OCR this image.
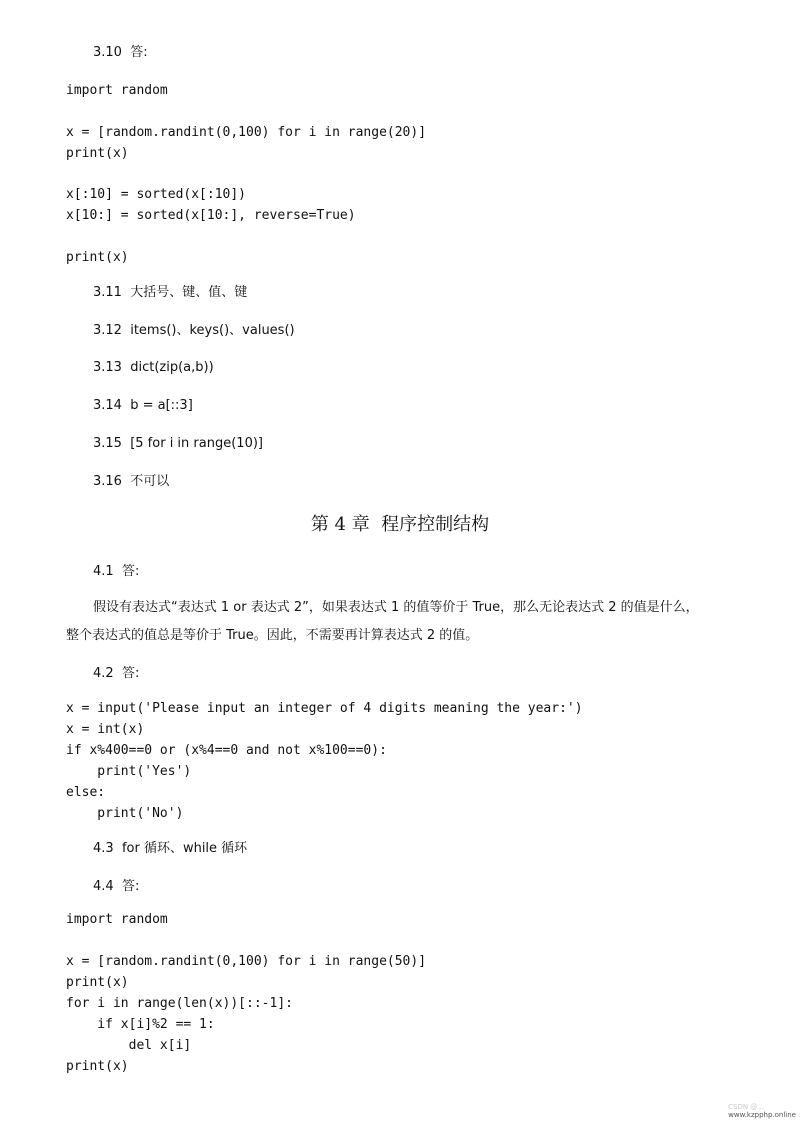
3.10  答:

import random

x = [random.randint(0,100) for i in range(20)]

print(x)

x[:10] = sorted(x[:10])

x[10:] = sorted(x[10:], reverse=True)

print(x)

3.11  大括号、键、值、键

3.12  items()、keys()、values()

3.13  dict(zip(a,b))

3.14  b = a[::3]

3.15  [5 for i in range(10)]

3.16  不可以

第 4 章  程序控制结构

4.1  答:

假设有表达式“表达式 1 or 表达式 2”，如果表达式 1 的值等价于 True，那么无论表达式 2 的值是什么，

整个表达式的值总是等价于 True。因此，不需要再计算表达式 2 的值。

4.2  答:

x = input('Please input an integer of 4 digits meaning the year:')

x = int(x)

if x%400==0 or (x%4==0 and not x%100==0):

print('Yes')

else:

print('No')

4.3  for 循环、while 循环

4.4  答:

import random

x = [random.randint(0,100) for i in range(50)]

print(x)

for i in range(len(x))[::-1]:

if x[i]%2 == 1:

del x[i]

print(x)

CSDN @...
www.kzpphp.online
